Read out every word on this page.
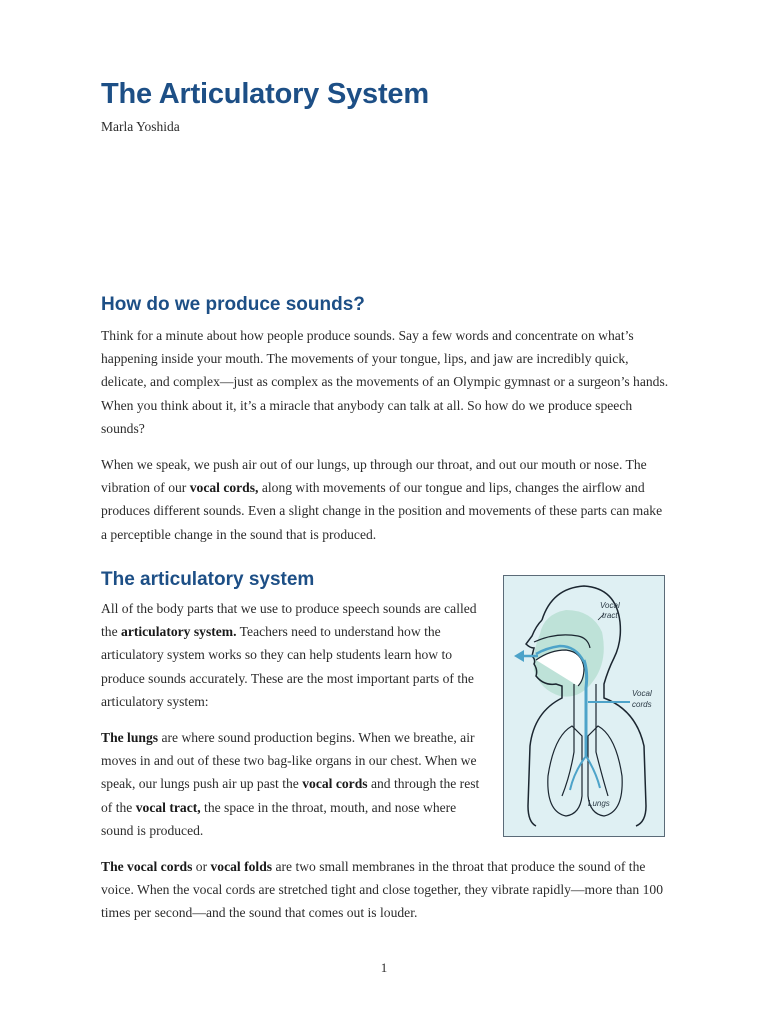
The Articulatory System

Marla Yoshida

How do we produce sounds?

Think for a minute about how people produce sounds. Say a few words and concentrate on what’s happening inside your mouth. The movements of your tongue, lips, and jaw are incredibly quick, delicate, and complex—just as complex as the movements of an Olympic gymnast or a surgeon’s hands. When you think about it, it’s a miracle that anybody can talk at all. So how do we produce speech sounds?

When we speak, we push air out of our lungs, up through our throat, and out our mouth or nose. The vibration of our vocal cords, along with movements of our tongue and lips, changes the airflow and produces different sounds. Even a slight change in the position and movements of these parts can make a perceptible change in the sound that is produced.

The articulatory system

All of the body parts that we use to produce speech sounds are called the articulatory system. Teachers need to understand how the articulatory system works so they can help students learn how to produce sounds accurately. These are the most important parts of the articulatory system:

The lungs are where sound production begins. When we breathe, air moves in and out of these two bag-like organs in our chest. When we speak, our lungs push air up past the vocal cords and through the rest of the vocal tract, the space in the throat, mouth, and nose where sound is produced.

The vocal cords or vocal folds are two small membranes in the throat that produce the sound of the voice. When the vocal cords are stretched tight and close together, they vibrate rapidly—more than 100 times per second—and the sound that comes out is louder.

Vocal
tract
Vocal
cords
Lungs

1
